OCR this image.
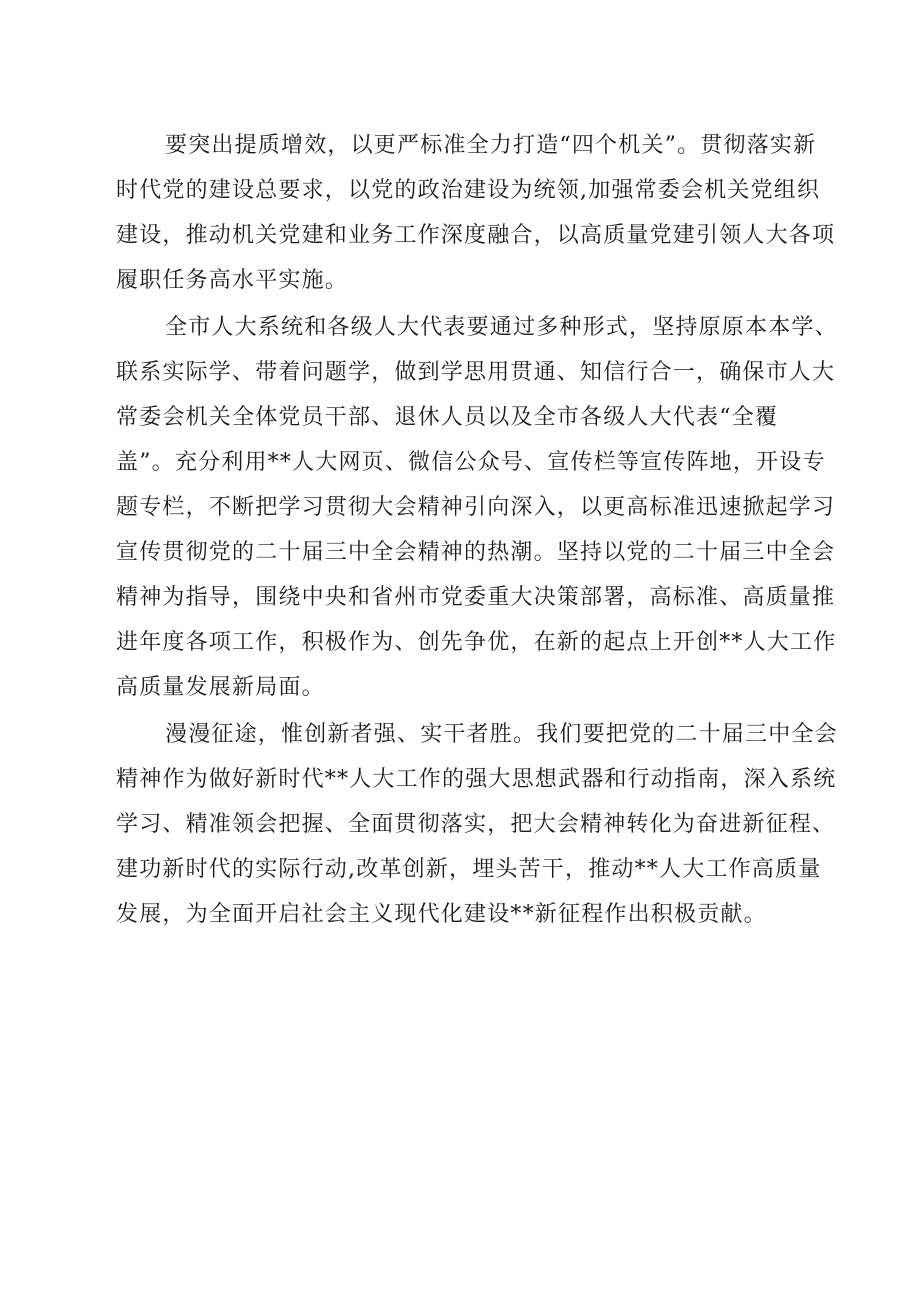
要突出提质增效，以更严标准全力打造“四个机关”。贯彻落实新
时代党的建设总要求，以党的政治建设为统领,加强常委会机关党组织
建设，推动机关党建和业务工作深度融合，以高质量党建引领人大各项
履职任务高水平实施。
全市人大系统和各级人大代表要通过多种形式，坚持原原本本学、
联系实际学、带着问题学，做到学思用贯通、知信行合一，确保市人大
常委会机关全体党员干部、退休人员以及全市各级人大代表“全覆
盖”。充分利用**人大网页、微信公众号、宣传栏等宣传阵地，开设专
题专栏，不断把学习贯彻大会精神引向深入，以更高标准迅速掀起学习
宣传贯彻党的二十届三中全会精神的热潮。坚持以党的二十届三中全会
精神为指导，围绕中央和省州市党委重大决策部署，高标准、高质量推
进年度各项工作，积极作为、创先争优，在新的起点上开创**人大工作
高质量发展新局面。
漫漫征途，惟创新者强、实干者胜。我们要把党的二十届三中全会
精神作为做好新时代**人大工作的强大思想武器和行动指南，深入系统
学习、精准领会把握、全面贯彻落实，把大会精神转化为奋进新征程、
建功新时代的实际行动,改革创新，埋头苦干，推动**人大工作高质量
发展，为全面开启社会主义现代化建设**新征程作出积极贡献。
